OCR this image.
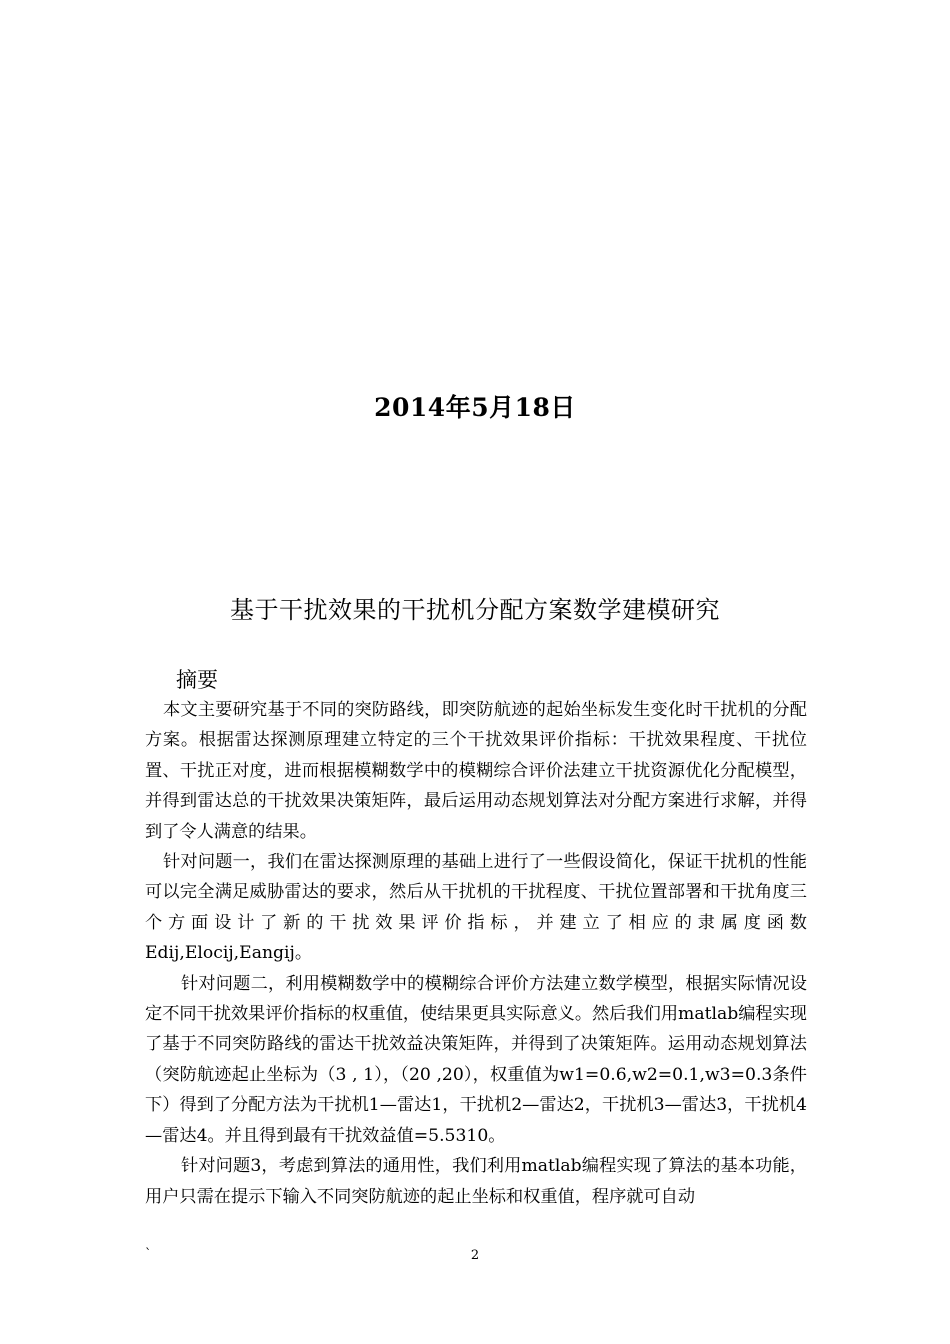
2014年5月18日
基于干扰效果的干扰机分配方案数学建模研究
摘要

本文主要研究基于不同的突防路线，即突防航迹的起始坐标发生变化时干扰机的分配方案。根据雷达探测原理建立特定的三个干扰效果评价指标：干扰效果程度、干扰位置、干扰正对度，进而根据模糊数学中的模糊综合评价法建立干扰资源优化分配模型，并得到雷达总的干扰效果决策矩阵，最后运用动态规划算法对分配方案进行求解，并得到了令人满意的结果。

针对问题一，我们在雷达探测原理的基础上进行了一些假设简化，保证干扰机的性能可以完全满足威胁雷达的要求，然后从干扰机的干扰程度、干扰位置部署和干扰角度三个方面设计了新的干扰效果评价指标，并建立了相应的隶属度函数Edij,Elocij,Eangij。

针对问题二，利用模糊数学中的模糊综合评价方法建立数学模型，根据实际情况设定不同干扰效果评价指标的权重值，使结果更具实际意义。然后我们用matlab编程实现了基于不同突防路线的雷达干扰效益决策矩阵，并得到了决策矩阵。运用动态规划算法（突防航迹起止坐标为（3 , 1），（20 ,20），权重值为w1=0.6,w2=0.1,w3=0.3条件下）得到了分配方法为干扰机1—雷达1，干扰机2—雷达2，干扰机3—雷达3，干扰机4—雷达4。并且得到最有干扰效益值=5.5310。

针对问题3，考虑到算法的通用性，我们利用matlab编程实现了算法的基本功能，用户只需在提示下输入不同突防航迹的起止坐标和权重值，程序就可自动

`	2
